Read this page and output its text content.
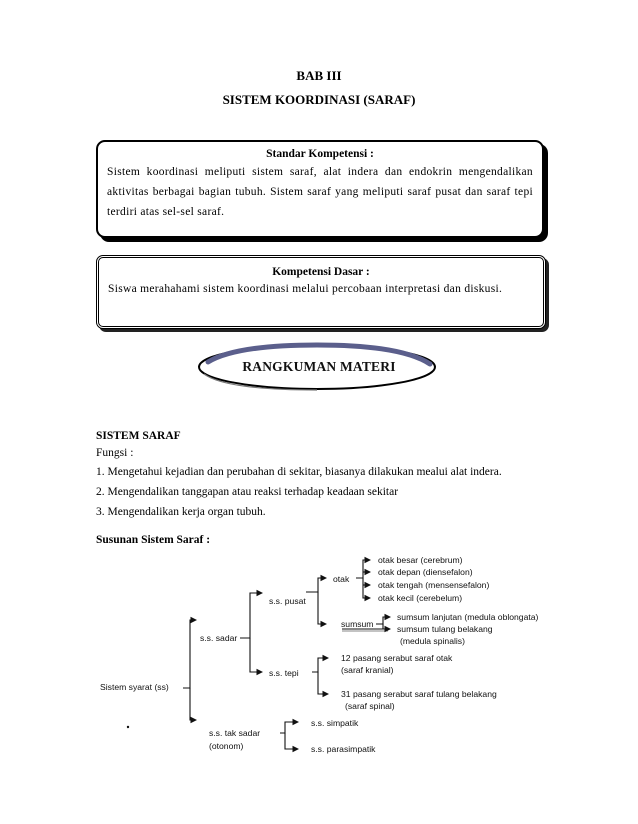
BAB III
SISTEM KOORDINASI (SARAF)
Standar Kompetensi :
Sistem koordinasi meliputi sistem saraf, alat indera dan endokrin mengendalikan aktivitas berbagai bagian tubuh. Sistem saraf yang meliputi saraf pusat dan saraf tepi terdiri atas sel-sel saraf.
Kompetensi Dasar :
Siswa merahahami sistem koordinasi melalui percobaan interpretasi dan diskusi.
RANGKUMAN MATERI
SISTEM SARAF
Fungsi :
1. Mengetahui kejadian dan perubahan di sekitar, biasanya dilakukan mealui alat indera.
2. Mengendalikan tanggapan atau reaksi terhadap keadaan sekitar
3. Mengendalikan kerja organ tubuh.
Susunan Sistem Saraf :
Sistem syarat (ss)
s.s. sadar
s.s. pusat
s.s. tepi
otak
sumsum
otak besar (cerebrum)
otak depan (diensefalon)
otak tengah (mensensefalon)
otak kecil (cerebelum)
sumsum lanjutan (medula oblongata)
sumsum tulang belakang
(medula spinalis)
12 pasang serabut saraf otak
(saraf kranial)
31 pasang serabut saraf tulang belakang
(saraf spinal)
s.s. tak sadar
(otonom)
s.s. simpatik
s.s. parasimpatik
